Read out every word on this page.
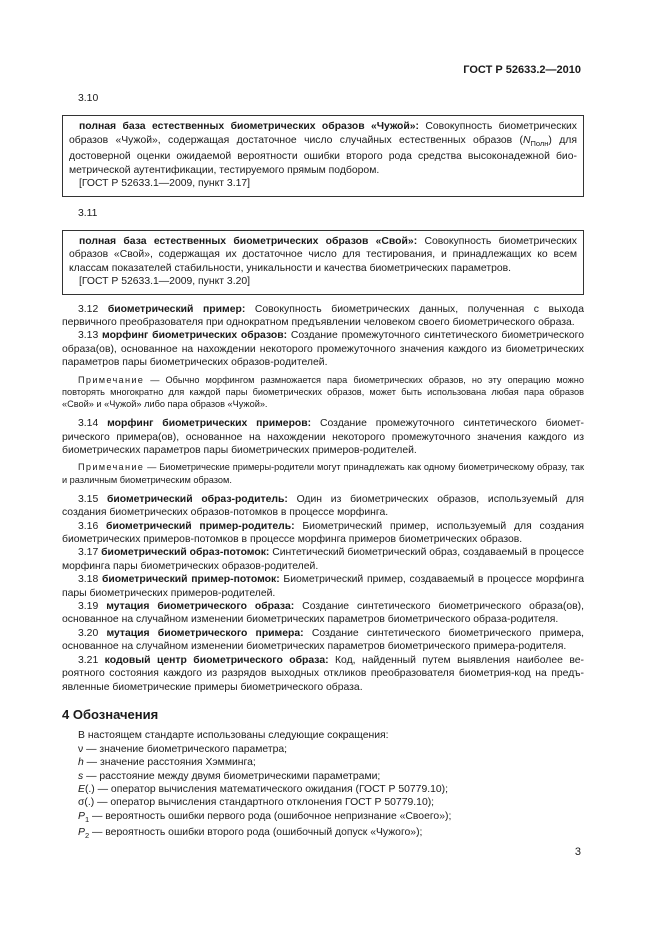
ГОСТ Р 52633.2—2010

3.10

полная база естественных биометрических образов «Чужой»: Совокупность биометрических образов «Чужой», содержащая достаточное число случайных естественных образов $(N_{Полн})$ для достоверной оценки ожидаемой вероятности ошибки второго рода средства высоконадежной биометрической аутентификации, тестируемого прямым подбором.

[ГОСТ Р 52633.1—2009, пункт 3.17]

3.11

полная база естественных биометрических образов «Свой»: Совокупность биометрических образов «Свой», содержащая их достаточное число для тестирования, и принадлежащих ко всем классам показателей стабильности, уникальности и качества биометрических параметров.

[ГОСТ Р 52633.1—2009, пункт 3.20]

3.12 биометрический пример: Совокупность биометрических данных, полученная с выхода первичного преобразователя при однократном предъявлении человеком своего биометрического образа.

3.13 морфинг биометрических образов: Создание промежуточного синтетического биометрического образа(ов), основанное на нахождении некоторого промежуточного значения каждого из биометрических параметров пары биометрических образов-родителей.

Примечание — Обычно морфингом размножается пара биометрических образов, но эту операцию можно повторять многократно для каждой пары биометрических образов, может быть использована любая пара образов «Свой» и «Чужой» либо пара образов «Чужой».

3.14 морфинг биометрических примеров: Создание промежуточного синтетического биометрического примера(ов), основанное на нахождении некоторого промежуточного значения каждого из биометрических параметров пары биометрических примеров-родителей.

Примечание — Биометрические примеры-родители могут принадлежать как одному биометрическому образу, так и различным биометрическим образом.

3.15 биометрический образ-родитель: Один из биометрических образов, используемый для создания биометрических образов-потомков в процессе морфинга.

3.16 биометрический пример-родитель: Биометрический пример, используемый для создания биометрических примеров-потомков в процессе морфинга примеров биометрических образов.

3.17 биометрический образ-потомок: Синтетический биометрический образ, создаваемый в процессе морфинга пары биометрических образов-родителей.

3.18 биометрический пример-потомок: Биометрический пример, создаваемый в процессе морфинга пары биометрических примеров-родителей.

3.19 мутация биометрического образа: Создание синтетического биометрического образа(ов), основанное на случайном изменении биометрических параметров биометрического образа-родителя.

3.20 мутация биометрического примера: Создание синтетического биометрического примера, основанное на случайном изменении биометрических параметров биометрического примера-родителя.

3.21 кодовый центр биометрического образа: Код, найденный путем выявления наиболее вероятного состояния каждого из разрядов выходных откликов преобразователя биометрия-код на предъявленные биометрические примеры биометрического образа.

4 Обозначения

В настоящем стандарте использованы следующие сокращения:

ν — значение биометрического параметра;

h — значение расстояния Хэмминга;

s — расстояние между двумя биометрическими параметрами;

E(.) — оператор вычисления математического ожидания (ГОСТ Р 50779.10);

σ(.) — оператор вычисления стандартного отклонения ГОСТ Р 50779.10);

$P_1$ — вероятность ошибки первого рода (ошибочное непризнание «Своего»);

$P_2$ — вероятность ошибки второго рода (ошибочный допуск «Чужого»);

3
